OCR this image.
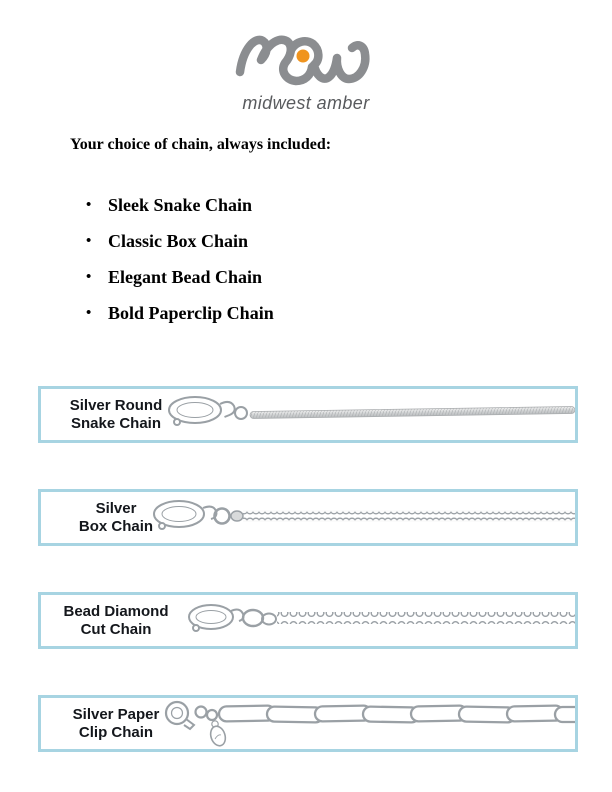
midwest amber
Your choice of chain, always included:
• Sleek Snake Chain
• Classic Box Chain
• Elegant Bead Chain
• Bold Paperclip Chain
Silver Round
Snake Chain
Silver
Box Chain
Bead Diamond
Cut Chain
Silver Paper
Clip Chain
